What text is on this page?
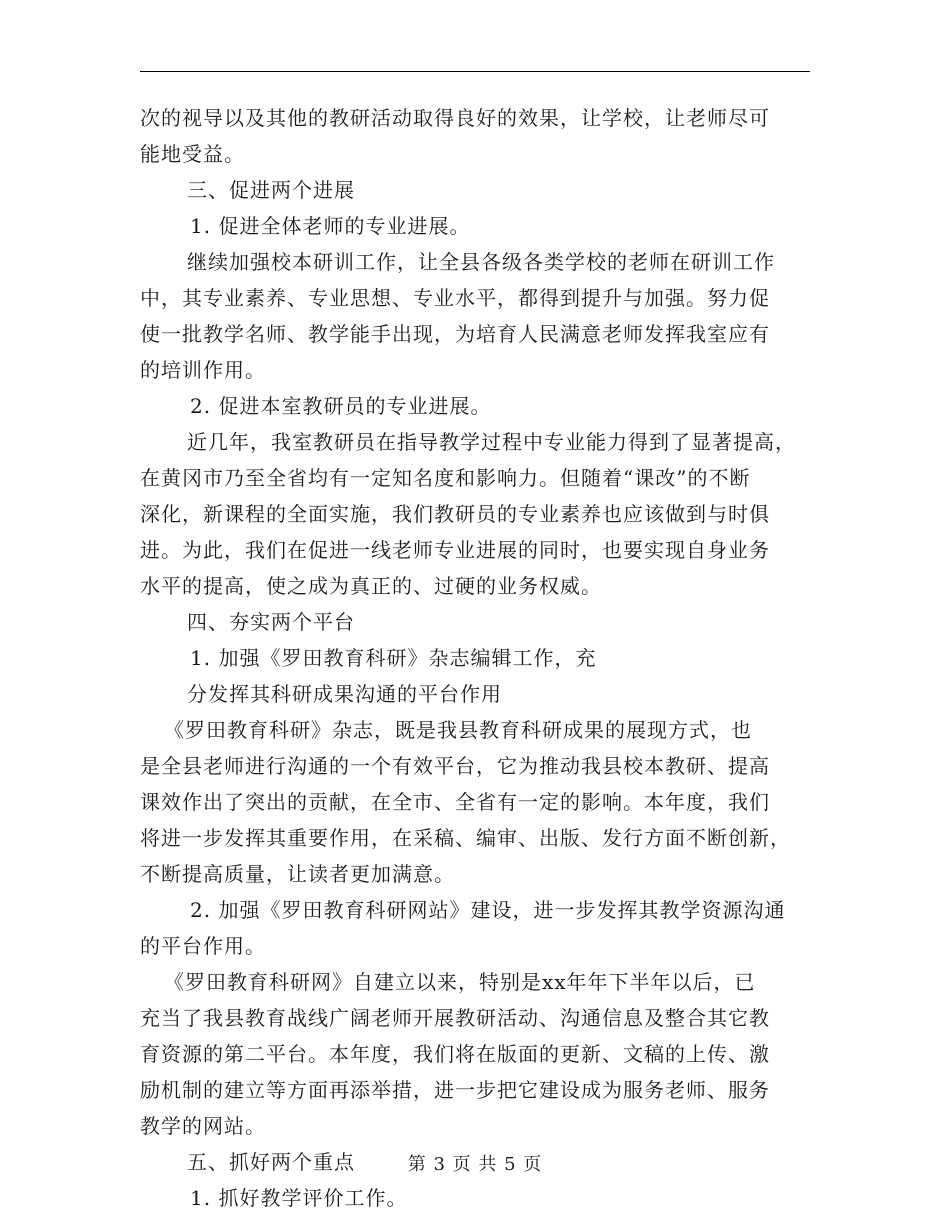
次的视导以及其他的教研活动取得良好的效果，让学校，让老师尽可
能地受益。
三、促进两个进展
1. 促进全体老师的专业进展。
继续加强校本研训工作，让全县各级各类学校的老师在研训工作
中，其专业素养、专业思想、专业水平，都得到提升与加强。努力促
使一批教学名师、教学能手出现，为培育人民满意老师发挥我室应有
的培训作用。
2. 促进本室教研员的专业进展。
近几年，我室教研员在指导教学过程中专业能力得到了显著提高，
在黄冈市乃至全省均有一定知名度和影响力。但随着“课改”的不断
深化，新课程的全面实施，我们教研员的专业素养也应该做到与时俱
进。为此，我们在促进一线老师专业进展的同时，也要实现自身业务
水平的提高，使之成为真正的、过硬的业务权威。
四、夯实两个平台
1. 加强《罗田教育科研》杂志编辑工作，充
分发挥其科研成果沟通的平台作用
《罗田教育科研》杂志，既是我县教育科研成果的展现方式，也
是全县老师进行沟通的一个有效平台，它为推动我县校本教研、提高
课效作出了突出的贡献，在全市、全省有一定的影响。本年度，我们
将进一步发挥其重要作用，在采稿、编审、出版、发行方面不断创新，
不断提高质量，让读者更加满意。
2. 加强《罗田教育科研网站》建设，进一步发挥其教学资源沟通
的平台作用。
《罗田教育科研网》自建立以来，特别是xx年年下半年以后，已
充当了我县教育战线广阔老师开展教研活动、沟通信息及整合其它教
育资源的第二平台。本年度，我们将在版面的更新、文稿的上传、激
励机制的建立等方面再添举措，进一步把它建设成为服务老师、服务
教学的网站。
五、抓好两个重点
1. 抓好教学评价工作。
第 3 页 共 5 页
